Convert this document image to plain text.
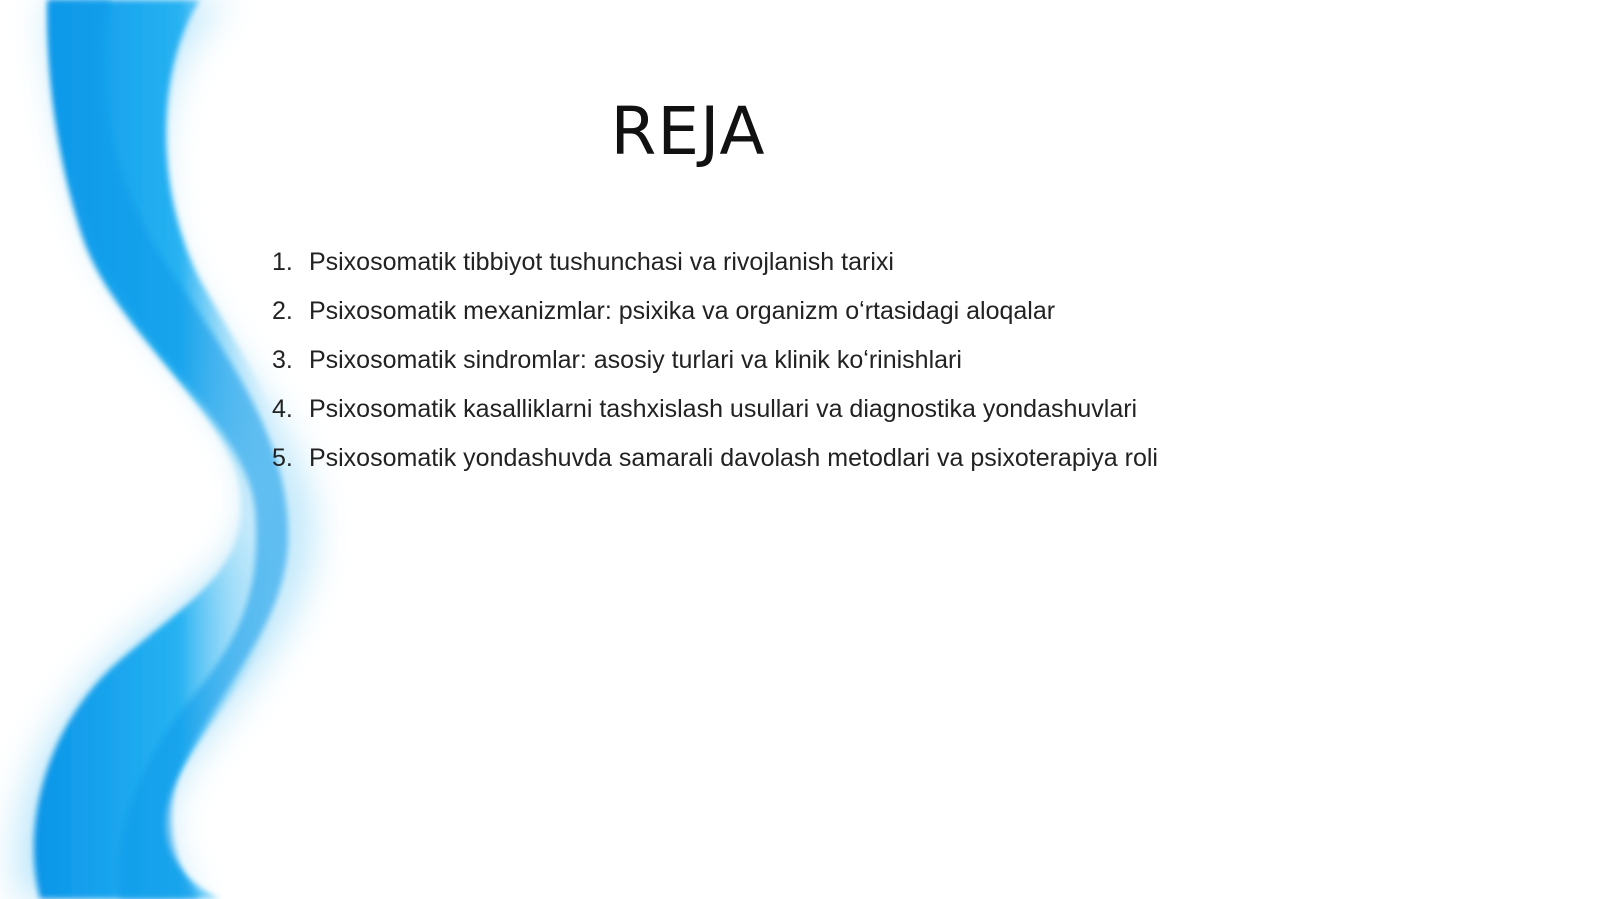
REJA
1. Psixosomatik tibbiyot tushunchasi va rivojlanish tarixi
2. Psixosomatik mexanizmlar: psixika va organizm oʻrtasidagi aloqalar
3. Psixosomatik sindromlar: asosiy turlari va klinik koʻrinishlari
4. Psixosomatik kasalliklarni tashxislash usullari va diagnostika yondashuvlari
5. Psixosomatik yondashuvda samarali davolash metodlari va psixoterapiya roli
